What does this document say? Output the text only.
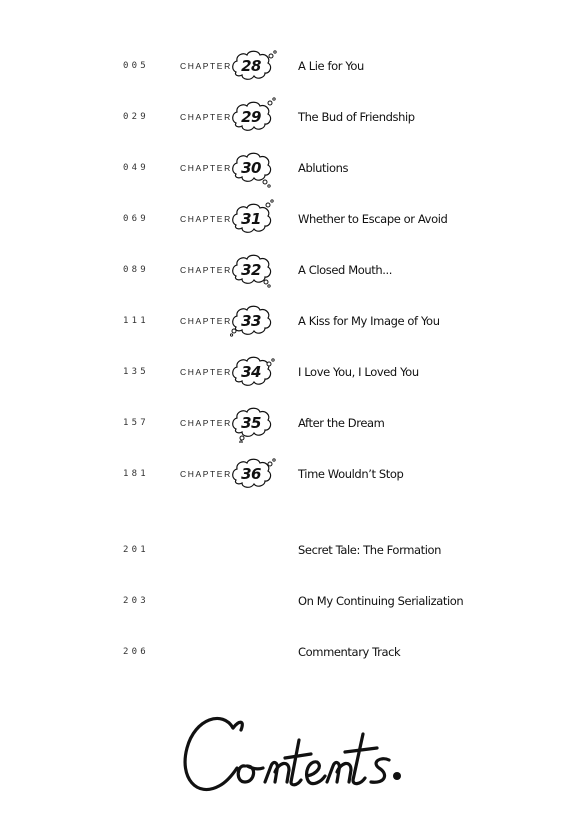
005	CHAPTER 28	A Lie for You
029	CHAPTER 29	The Bud of Friendship
049	CHAPTER 30	Ablutions
069	CHAPTER 31	Whether to Escape or Avoid
089	CHAPTER 32	A Closed Mouth...
111	CHAPTER 33	A Kiss for My Image of You
135	CHAPTER 34	I Love You, I Loved You
157	CHAPTER 35	After the Dream
181	CHAPTER 36	Time Wouldn’t Stop
201	Secret Tale: The Formation
203	On My Continuing Serialization
206	Commentary Track
